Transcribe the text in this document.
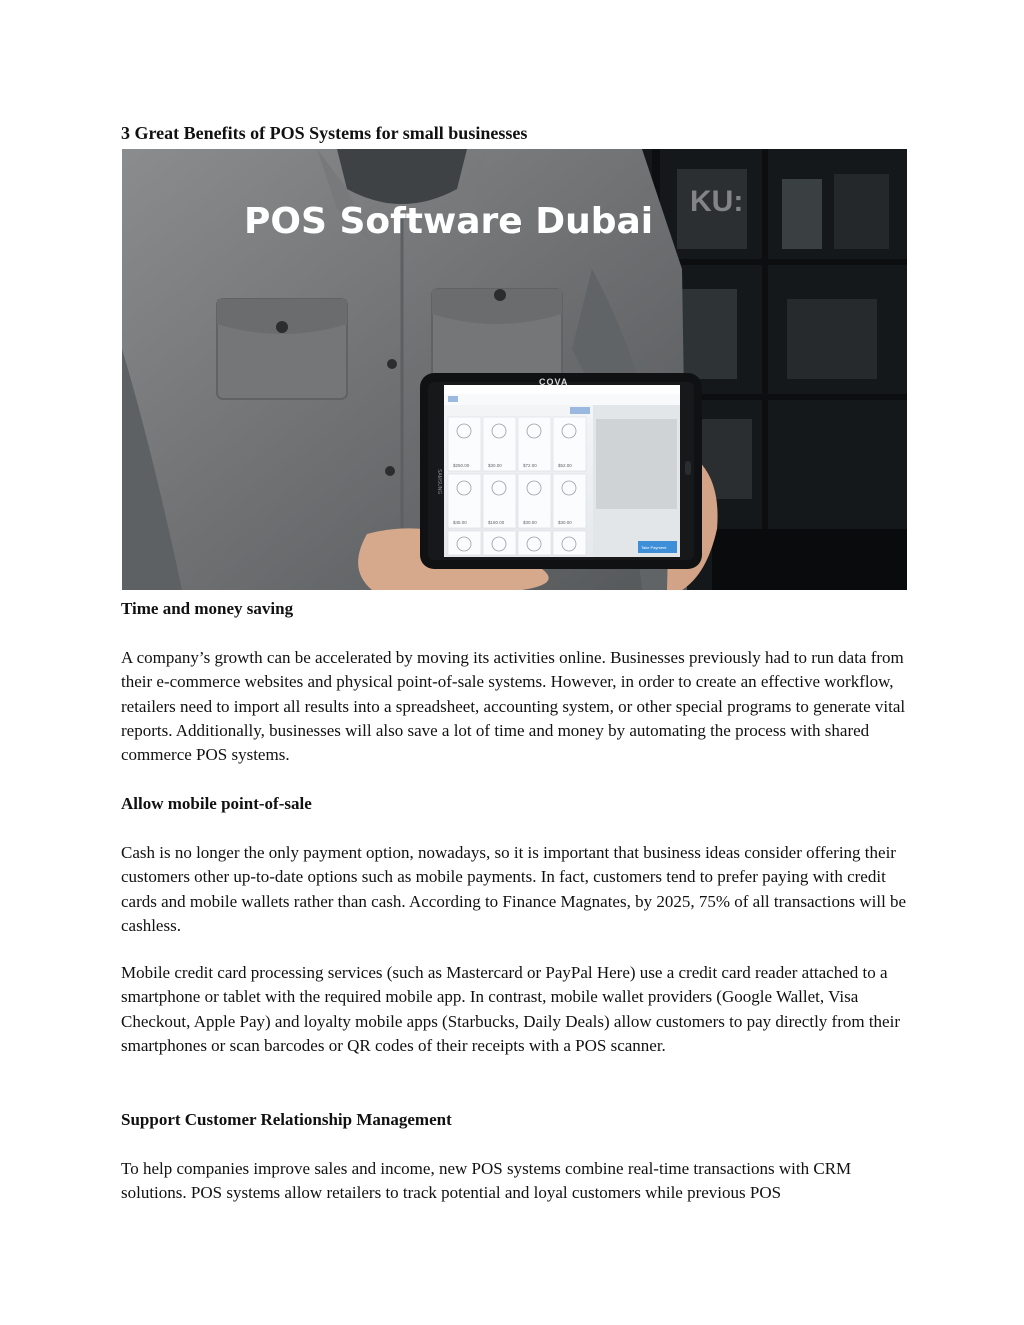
3 Great Benefits of POS Systems for small businesses
KU:
POS Software Dubai
SAMSUNG
COVA
Take Payment
$250.00	$30.00	$72.00	$52.00
$45.00	$180.00	$30.00	$30.00
Time and money saving

A company’s growth can be accelerated by moving its activities online. Businesses previously had to run data from their e-commerce websites and physical point-of-sale systems. However, in order to create an effective workflow, retailers need to import all results into a spreadsheet, accounting system, or other special programs to generate vital reports. Additionally, businesses will also save a lot of time and money by automating the process with shared commerce POS systems.

Allow mobile point-of-sale

Cash is no longer the only payment option, nowadays, so it is important that business ideas consider offering their customers other up-to-date options such as mobile payments. In fact, customers tend to prefer paying with credit cards and mobile wallets rather than cash. According to Finance Magnates, by 2025, 75% of all transactions will be cashless.

Mobile credit card processing services (such as Mastercard or PayPal Here) use a credit card reader attached to a smartphone or tablet with the required mobile app. In contrast, mobile wallet providers (Google Wallet, Visa Checkout, Apple Pay) and loyalty mobile apps (Starbucks, Daily Deals) allow customers to pay directly from their smartphones or scan barcodes or QR codes of their receipts with a POS scanner.

Support Customer Relationship Management

To help companies improve sales and income, new POS systems combine real-time transactions with CRM solutions. POS systems allow retailers to track potential and loyal customers while previous POS
